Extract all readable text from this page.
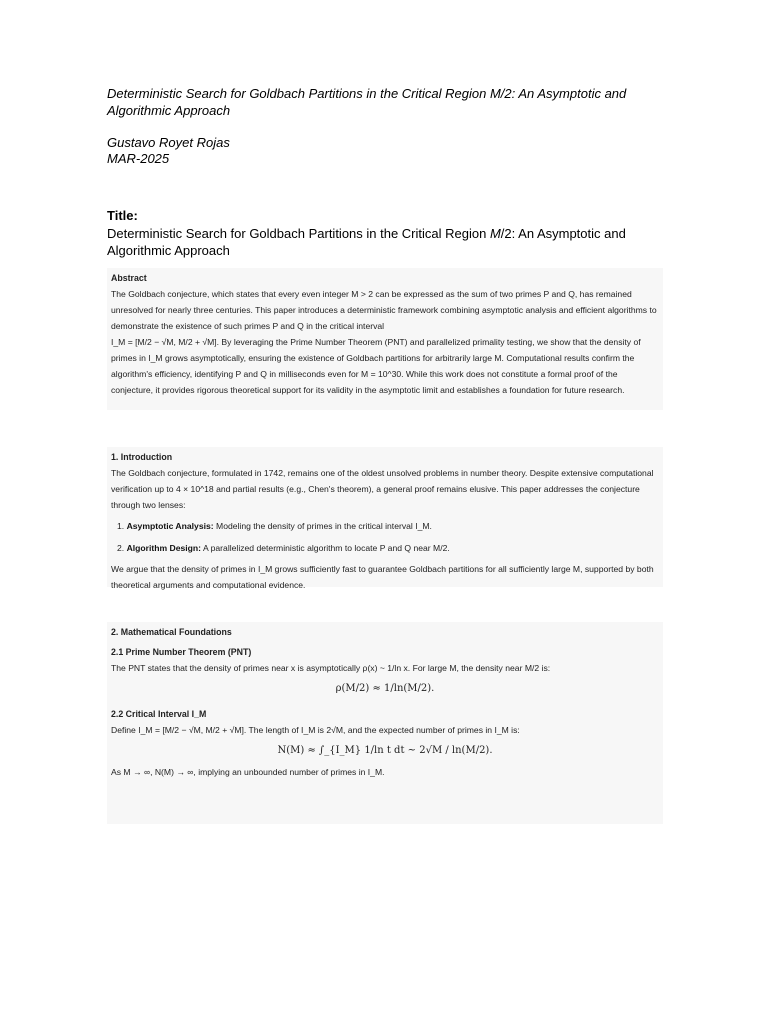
Deterministic Search for Goldbach Partitions in the Critical Region M/2: An Asymptotic and Algorithmic Approach
Gustavo Royet Rojas
MAR-2025
Title:
Deterministic Search for Goldbach Partitions in the Critical Region M/2: An Asymptotic and Algorithmic Approach
Abstract
The Goldbach conjecture, which states that every even integer M > 2 can be expressed as the sum of two primes P and Q, has remained unresolved for nearly three centuries. This paper introduces a deterministic framework combining asymptotic analysis and efficient algorithms to demonstrate the existence of such primes P and Q in the critical interval
I_M = [M/2 − √M, M/2 + √M]. By leveraging the Prime Number Theorem (PNT) and parallelized primality testing, we show that the density of primes in I_M grows asymptotically, ensuring the existence of Goldbach partitions for arbitrarily large M. Computational results confirm the algorithm's efficiency, identifying P and Q in milliseconds even for M = 10^30. While this work does not constitute a formal proof of the conjecture, it provides rigorous theoretical support for its validity in the asymptotic limit and establishes a foundation for future research.
1. Introduction
The Goldbach conjecture, formulated in 1742, remains one of the oldest unsolved problems in number theory. Despite extensive computational verification up to 4 × 10^18 and partial results (e.g., Chen's theorem), a general proof remains elusive. This paper addresses the conjecture through two lenses:
1. Asymptotic Analysis: Modeling the density of primes in the critical interval I_M.
2. Algorithm Design: A parallelized deterministic algorithm to locate P and Q near M/2.
We argue that the density of primes in I_M grows sufficiently fast to guarantee Goldbach partitions for all sufficiently large M, supported by both theoretical arguments and computational evidence.
2. Mathematical Foundations
2.1 Prime Number Theorem (PNT)
The PNT states that the density of primes near x is asymptotically ρ(x) ~ 1/ln x. For large M, the density near M/2 is:
ρ(M/2) ≈ 1/ln(M/2).
2.2 Critical Interval I_M
Define I_M = [M/2 − √M, M/2 + √M]. The length of I_M is 2√M, and the expected number of primes in I_M is:
N(M) ≈ ∫_{I_M} 1/ln t dt ~ 2√M / ln(M/2).
As M → ∞, N(M) → ∞, implying an unbounded number of primes in I_M.
